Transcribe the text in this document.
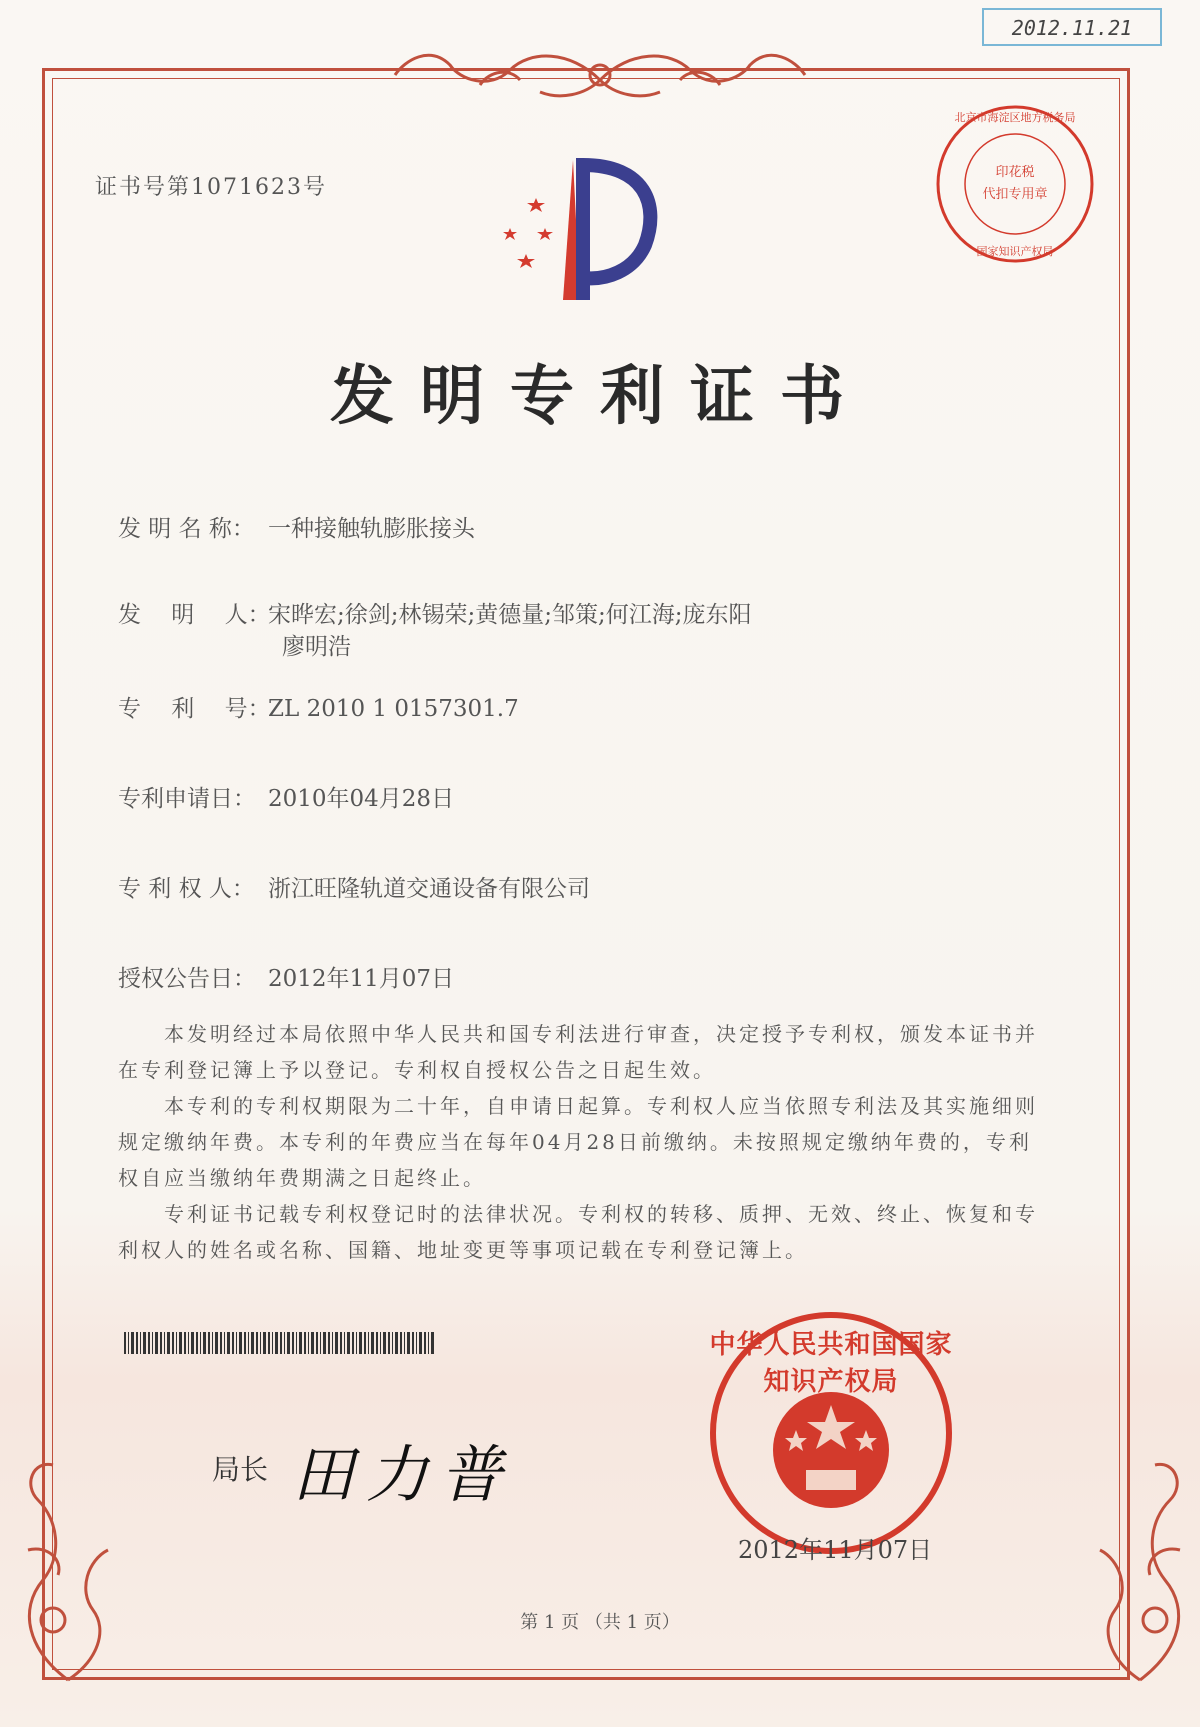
2012.11.21
北京市海淀区地方税务局
印花税
代扣专用章
国家知识产权局
证书号第1071623号
发明专利证书
发 明 名 称： 一种接触轨膨胀接头
发　 明　 人：宋晔宏;徐剑;林锡荣;黄德量;邹策;何江海;庞东阳
廖明浩
专　 利　 号：ZL 2010 1 0157301.7
专利申请日： 2010年04月28日
专 利 权 人： 浙江旺隆轨道交通设备有限公司
授权公告日： 2012年11月07日

本发明经过本局依照中华人民共和国专利法进行审查，决定授予专利权，颁发本证书并在专利登记簿上予以登记。专利权自授权公告之日起生效。

本专利的专利权期限为二十年，自申请日起算。专利权人应当依照专利法及其实施细则规定缴纳年费。本专利的年费应当在每年04月28日前缴纳。未按照规定缴纳年费的，专利权自应当缴纳年费期满之日起终止。

专利证书记载专利权登记时的法律状况。专利权的转移、质押、无效、终止、恢复和专利权人的姓名或名称、国籍、地址变更等事项记载在专利登记簿上。

局长 田力普
中华人民共和国国家知识产权局
2012年11月07日
第 1 页 （共 1 页）
